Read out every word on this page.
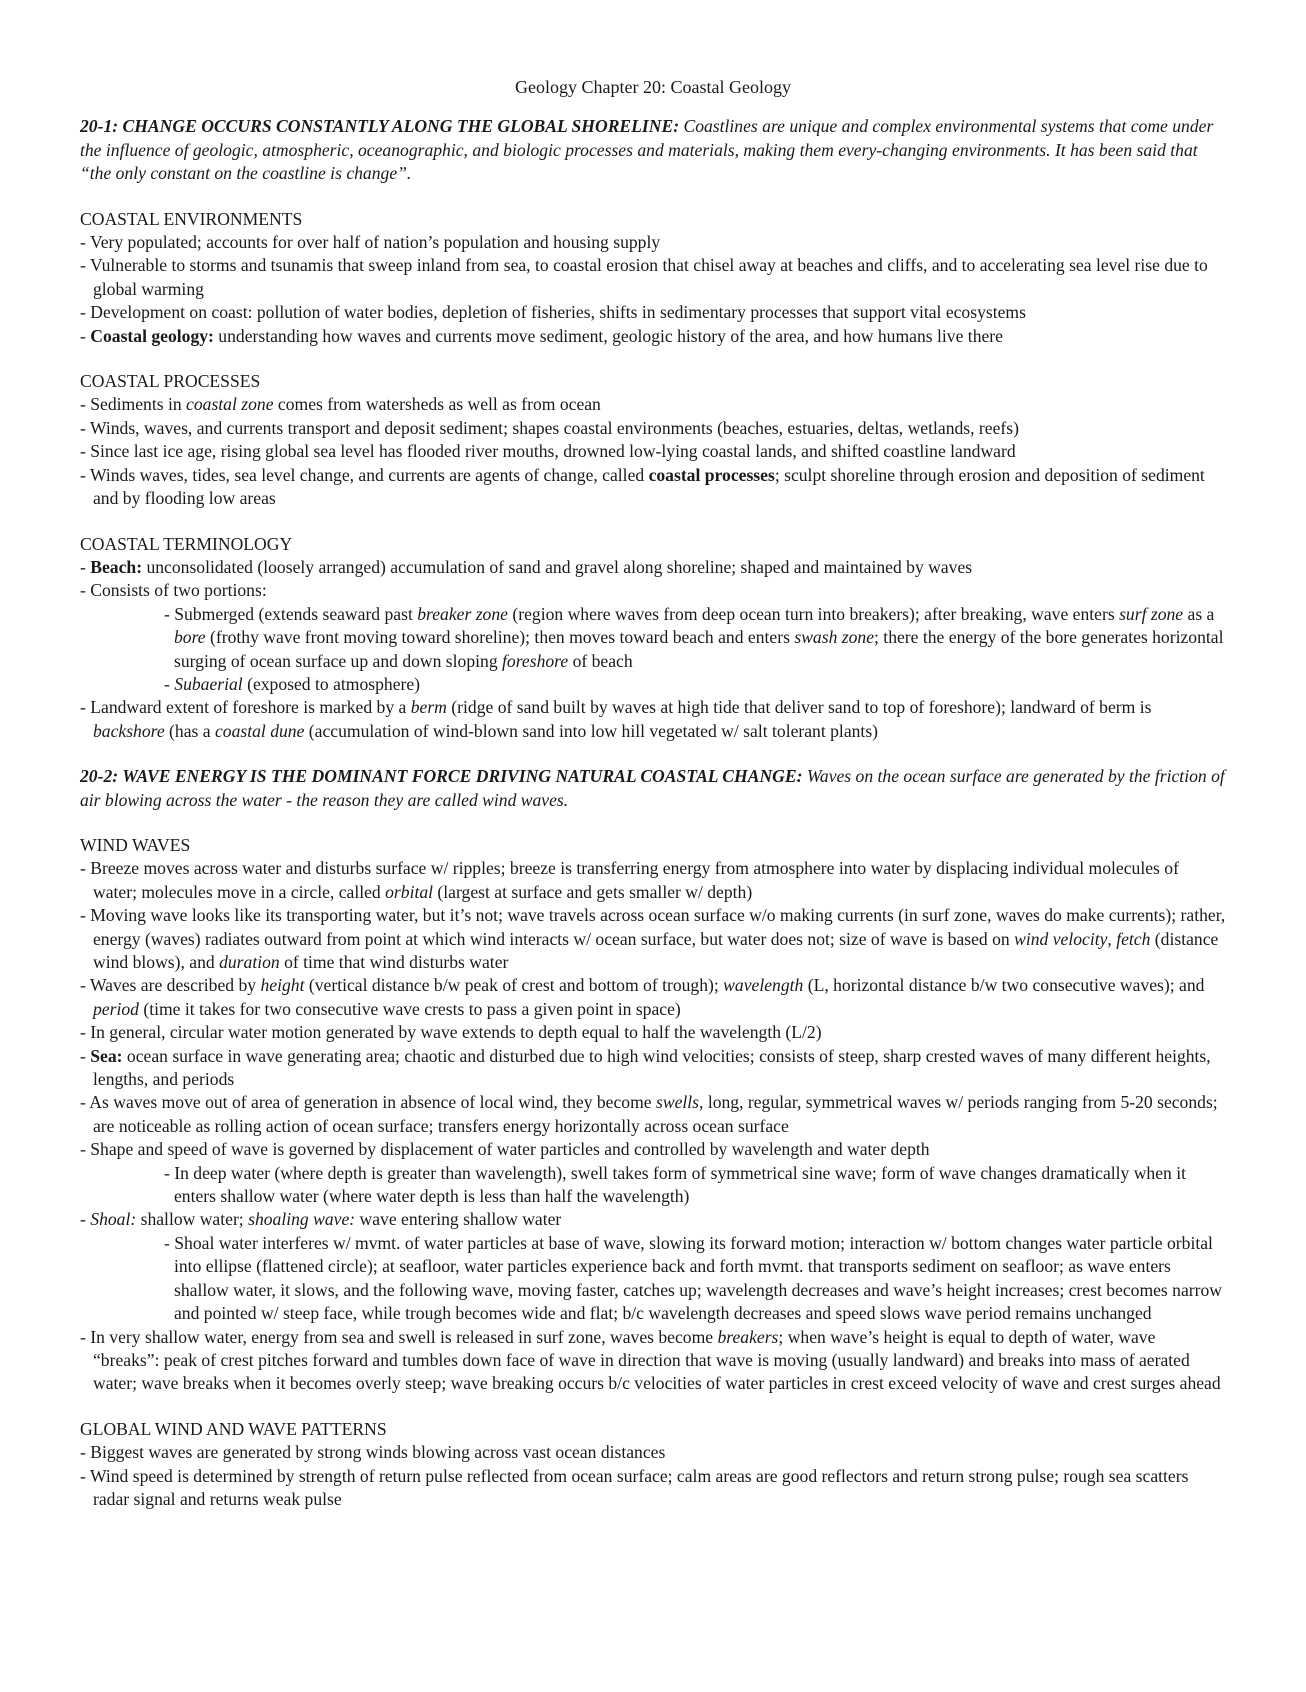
Geology Chapter 20: Coastal Geology

20-1: CHANGE OCCURS CONSTANTLY ALONG THE GLOBAL SHORELINE: Coastlines are unique and complex environmental systems that come under the influence of geologic, atmospheric, oceanographic, and biologic processes and materials, making them every-changing environments. It has been said that “the only constant on the coastline is change”.

COASTAL ENVIRONMENTS

- Very populated; accounts for over half of nation’s population and housing supply

- Vulnerable to storms and tsunamis that sweep inland from sea, to coastal erosion that chisel away at beaches and cliffs, and to accelerating sea level rise due to global warming

- Development on coast: pollution of water bodies, depletion of fisheries, shifts in sedimentary processes that support vital ecosystems

- Coastal geology: understanding how waves and currents move sediment, geologic history of the area, and how humans live there

COASTAL PROCESSES

- Sediments in coastal zone comes from watersheds as well as from ocean

- Winds, waves, and currents transport and deposit sediment; shapes coastal environments (beaches, estuaries, deltas, wetlands, reefs)

- Since last ice age, rising global sea level has flooded river mouths, drowned low-lying coastal lands, and shifted coastline landward

- Winds waves, tides, sea level change, and currents are agents of change, called coastal processes; sculpt shoreline through erosion and deposition of sediment and by flooding low areas

COASTAL TERMINOLOGY

- Beach: unconsolidated (loosely arranged) accumulation of sand and gravel along shoreline; shaped and maintained by waves

- Consists of two portions:

- Submerged (extends seaward past breaker zone (region where waves from deep ocean turn into breakers); after breaking, wave enters surf zone as a bore (frothy wave front moving toward shoreline); then moves toward beach and enters swash zone; there the energy of the bore generates horizontal surging of ocean surface up and down sloping foreshore of beach

- Subaerial (exposed to atmosphere)

- Landward extent of foreshore is marked by a berm (ridge of sand built by waves at high tide that deliver sand to top of foreshore); landward of berm is backshore (has a coastal dune (accumulation of wind-blown sand into low hill vegetated w/ salt tolerant plants)

20-2: WAVE ENERGY IS THE DOMINANT FORCE DRIVING NATURAL COASTAL CHANGE: Waves on the ocean surface are generated by the friction of air blowing across the water - the reason they are called wind waves.

WIND WAVES

- Breeze moves across water and disturbs surface w/ ripples; breeze is transferring energy from atmosphere into water by displacing individual molecules of water; molecules move in a circle, called orbital (largest at surface and gets smaller w/ depth)

- Moving wave looks like its transporting water, but it’s not; wave travels across ocean surface w/o making currents (in surf zone, waves do make currents); rather, energy (waves) radiates outward from point at which wind interacts w/ ocean surface, but water does not; size of wave is based on wind velocity, fetch (distance wind blows), and duration of time that wind disturbs water

- Waves are described by height (vertical distance b/w peak of crest and bottom of trough); wavelength (L, horizontal distance b/w two consecutive waves); and period (time it takes for two consecutive wave crests to pass a given point in space)

- In general, circular water motion generated by wave extends to depth equal to half the wavelength (L/2)

- Sea: ocean surface in wave generating area; chaotic and disturbed due to high wind velocities; consists of steep, sharp crested waves of many different heights, lengths, and periods

- As waves move out of area of generation in absence of local wind, they become swells, long, regular, symmetrical waves w/ periods ranging from 5-20 seconds; are noticeable as rolling action of ocean surface; transfers energy horizontally across ocean surface

- Shape and speed of wave is governed by displacement of water particles and controlled by wavelength and water depth

- In deep water (where depth is greater than wavelength), swell takes form of symmetrical sine wave; form of wave changes dramatically when it enters shallow water (where water depth is less than half the wavelength)

- Shoal: shallow water; shoaling wave: wave entering shallow water

- Shoal water interferes w/ mvmt. of water particles at base of wave, slowing its forward motion; interaction w/ bottom changes water particle orbital into ellipse (flattened circle); at seafloor, water particles experience back and forth mvmt. that transports sediment on seafloor; as wave enters shallow water, it slows, and the following wave, moving faster, catches up; wavelength decreases and wave’s height increases; crest becomes narrow and pointed w/ steep face, while trough becomes wide and flat; b/c wavelength decreases and speed slows wave period remains unchanged

- In very shallow water, energy from sea and swell is released in surf zone, waves become breakers; when wave’s height is equal to depth of water, wave “breaks”: peak of crest pitches forward and tumbles down face of wave in direction that wave is moving (usually landward) and breaks into mass of aerated water; wave breaks when it becomes overly steep; wave breaking occurs b/c velocities of water particles in crest exceed velocity of wave and crest surges ahead

GLOBAL WIND AND WAVE PATTERNS

- Biggest waves are generated by strong winds blowing across vast ocean distances

- Wind speed is determined by strength of return pulse reflected from ocean surface; calm areas are good reflectors and return strong pulse; rough sea scatters radar signal and returns weak pulse
